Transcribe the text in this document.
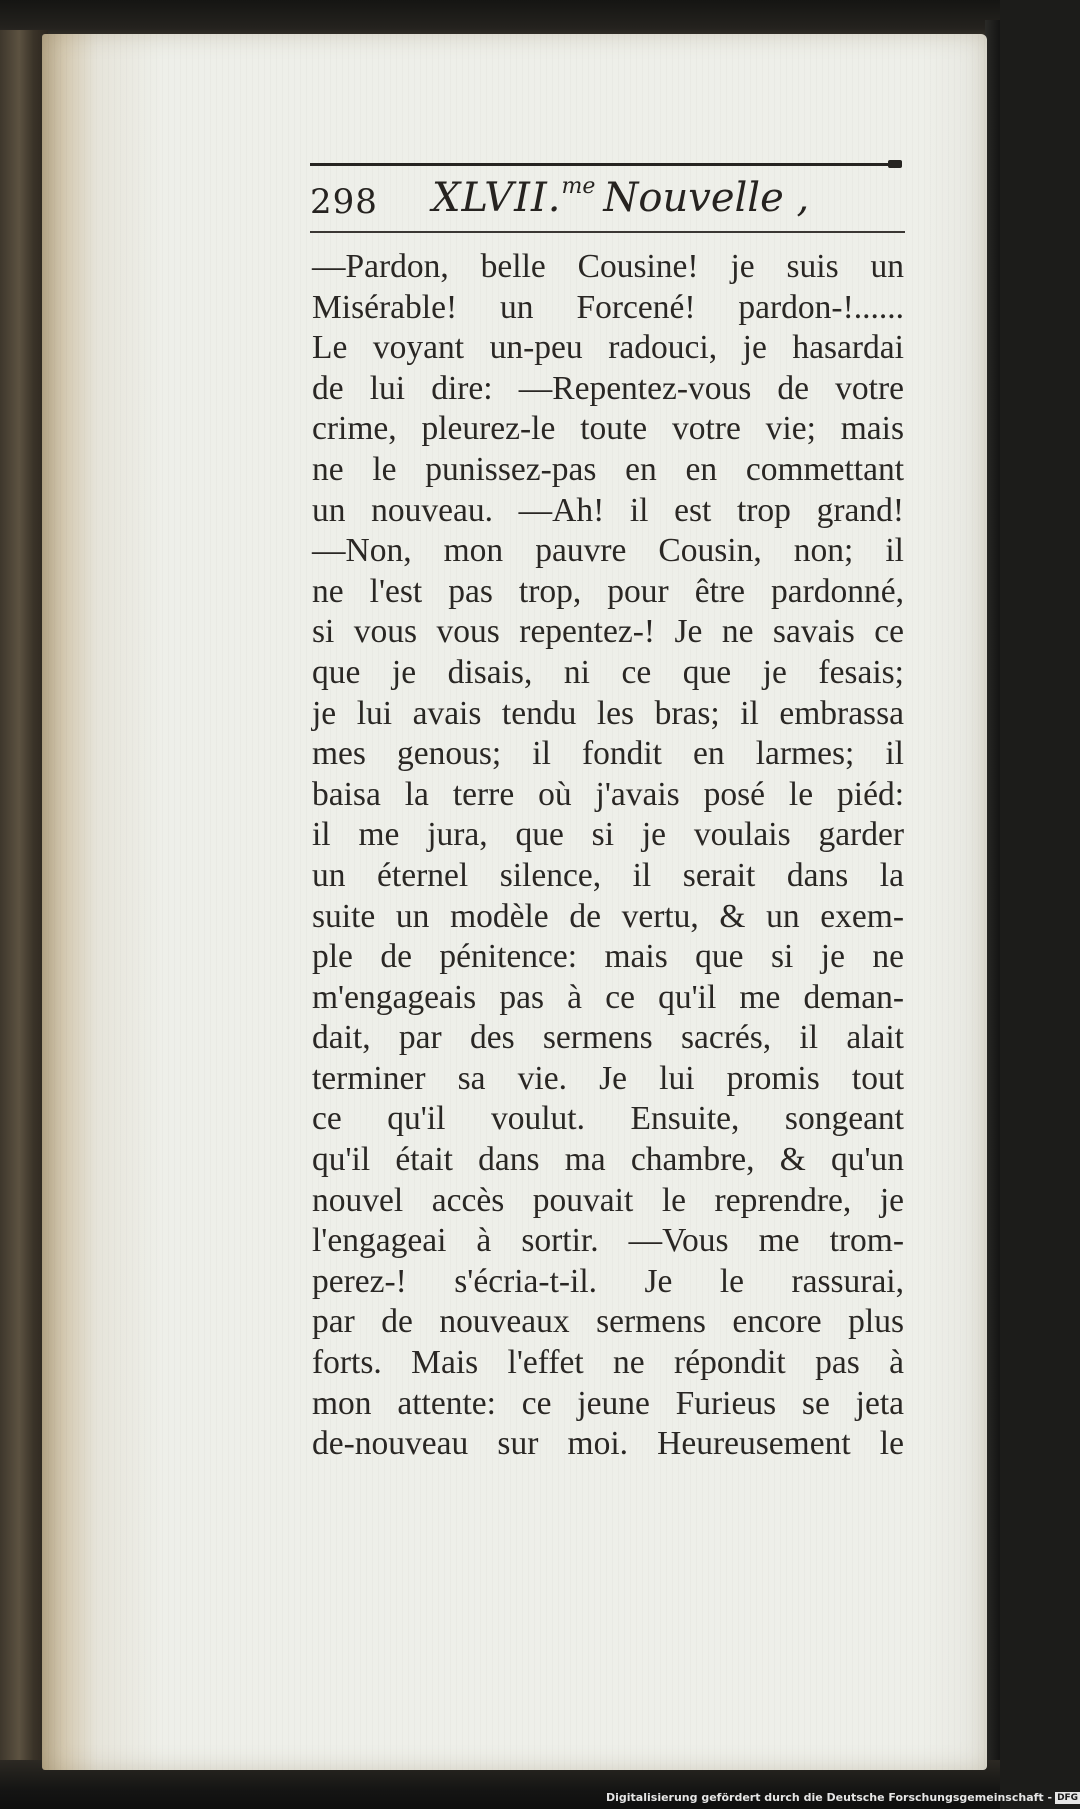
298 XLVII.$^{me}$ Nouvelle ,
—Pardon, belle Cousine! je suis un
Misérable! un Forcené! pardon-!......
Le voyant un-peu radouci, je hasardai
de lui dire: —Repentez-vous de votre
crime, pleurez-le toute votre vie; mais
ne le punissez-pas en en commettant
un nouveau. —Ah! il est trop grand!
—Non, mon pauvre Cousin, non; il
ne l'est pas trop, pour être pardonné,
si vous vous repentez-! Je ne savais ce
que je disais, ni ce que je fesais;
je lui avais tendu les bras; il embrassa
mes genous; il fondit en larmes; il
baisa la terre où j'avais posé le piéd:
il me jura, que si je voulais garder
un éternel silence, il serait dans la
suite un modèle de vertu, & un exem-
ple de pénitence: mais que si je ne
m'engageais pas à ce qu'il me deman-
dait, par des sermens sacrés, il alait
terminer sa vie. Je lui promis tout
ce qu'il voulut. Ensuite, songeant
qu'il était dans ma chambre, & qu'un
nouvel accès pouvait le reprendre, je
l'engageai à sortir. —Vous me trom-
perez-! s'écria-t-il. Je le rassurai,
par de nouveaux sermens encore plus
forts. Mais l'effet ne répondit pas à
mon attente: ce jeune Furieus se jeta
de-nouveau sur moi. Heureusement le
Digitalisierung gefördert durch die Deutsche Forschungsgemeinschaft - DFG
